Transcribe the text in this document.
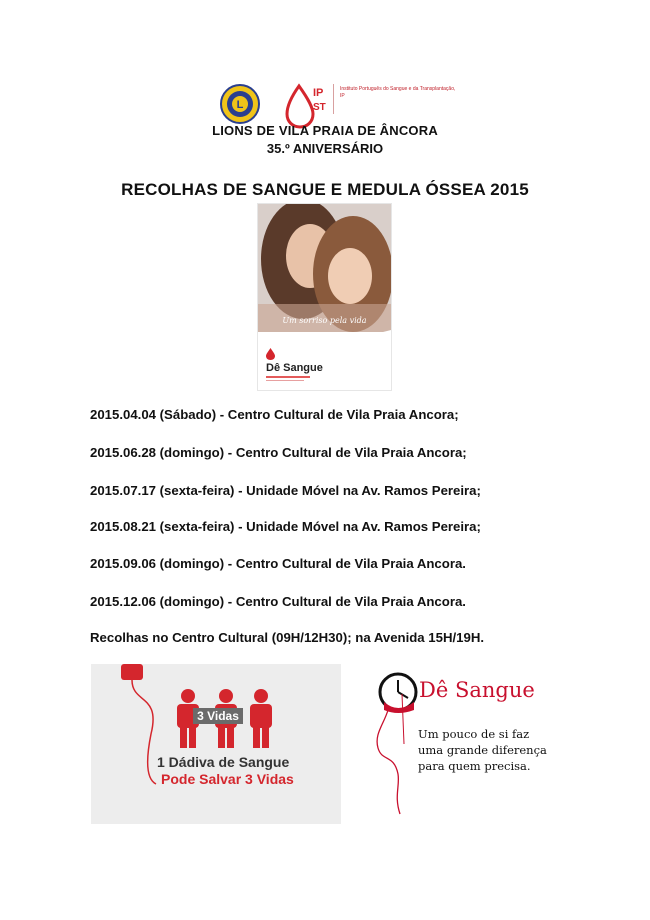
L
IP
ST
Instituto Português do Sangue e da Transplantação, IP
LIONS DE VILA PRAIA DE ÂNCORA
35.º ANIVERSÁRIO
RECOLHAS DE SANGUE E MEDULA ÓSSEA 2015
Um sorriso pela vida
Dê Sangue
2015.04.04 (Sábado) - Centro Cultural de Vila Praia Ancora;
2015.06.28 (domingo) - Centro Cultural de Vila Praia Ancora;
2015.07.17 (sexta-feira) - Unidade Móvel na Av. Ramos Pereira;
2015.08.21 (sexta-feira) - Unidade Móvel na Av. Ramos Pereira;
2015.09.06 (domingo) - Centro Cultural de Vila Praia Ancora.
2015.12.06 (domingo) - Centro Cultural de Vila Praia Ancora.
Recolhas no Centro Cultural (09H/12H30); na Avenida 15H/19H.
3 Vidas
1 Dádiva de Sangue
Pode Salvar 3 Vidas
Dê Sangue
Um pouco de si faz
uma grande diferença
para quem precisa.
